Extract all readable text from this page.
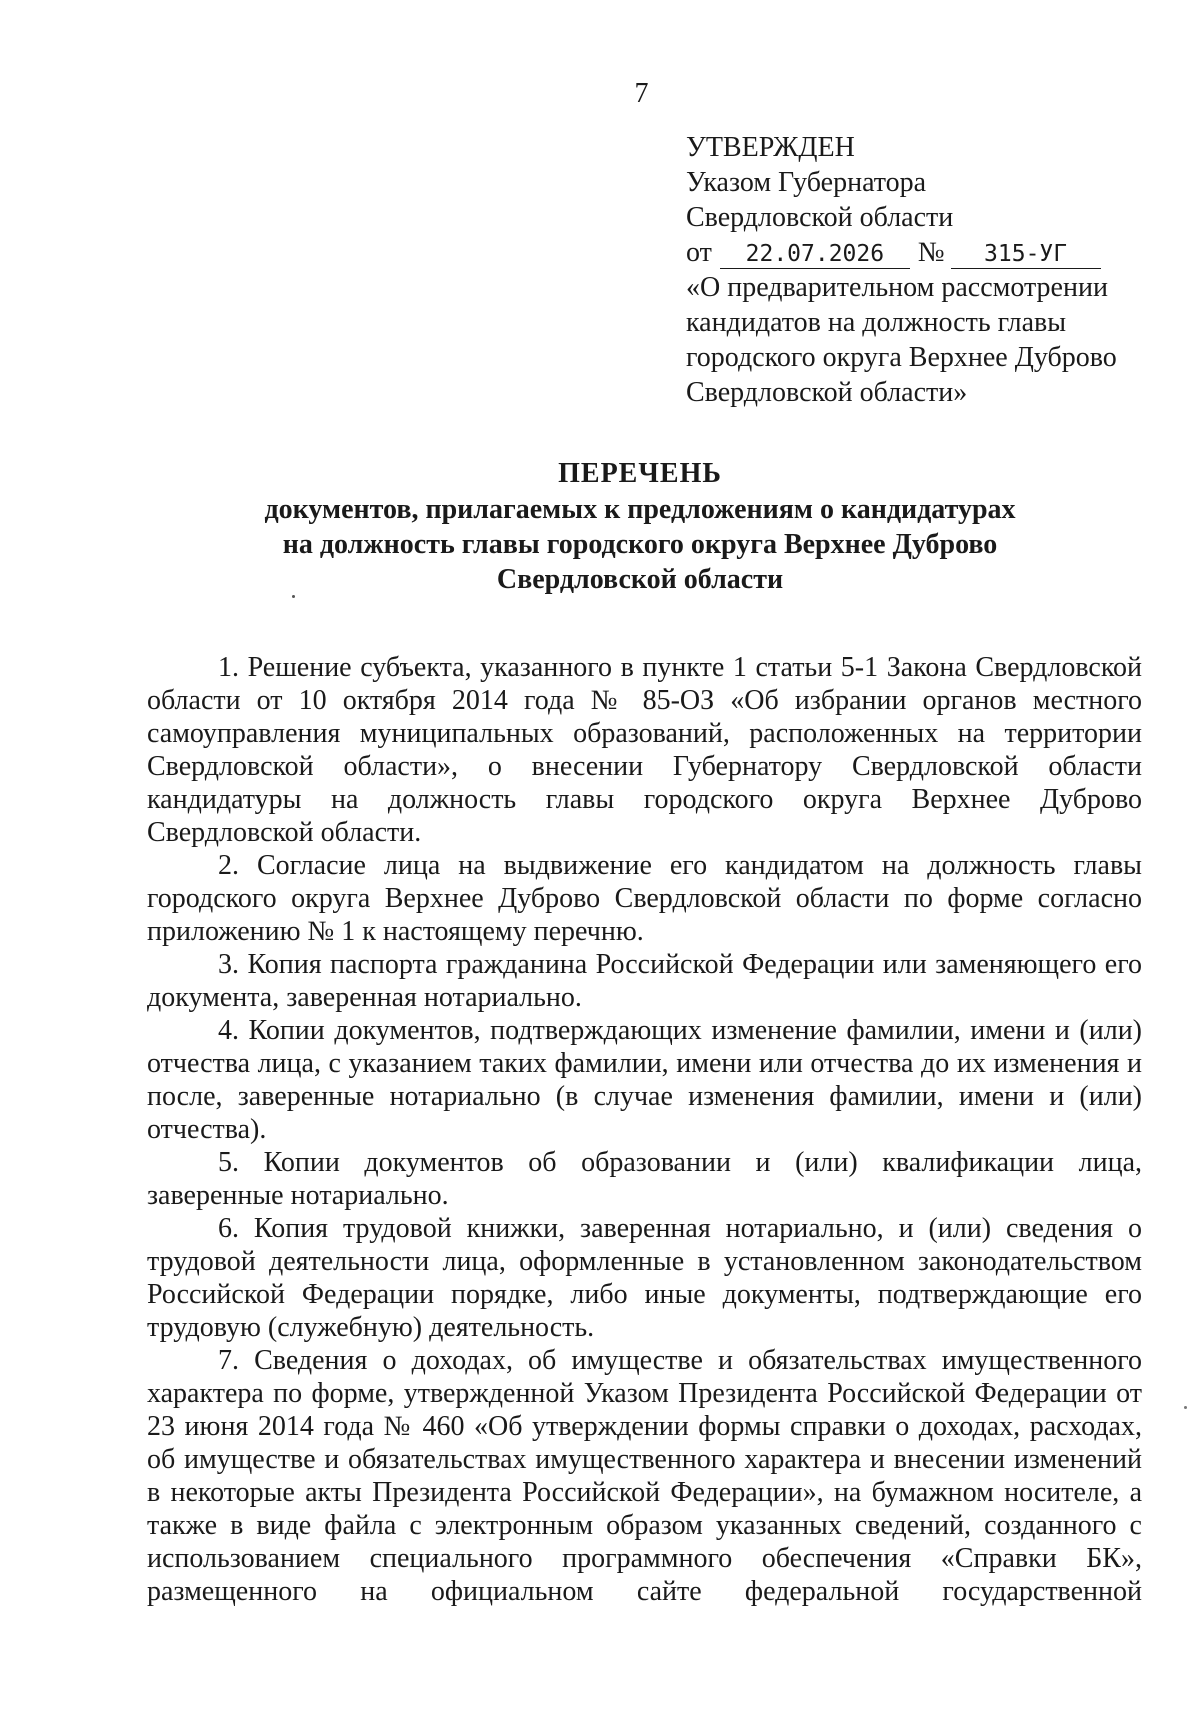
7
УТВЕРЖДЕН
Указом Губернатора
Свердловской области
от 22.07.2026 № 315-УГ
«О предварительном рассмотрении
кандидатов на должность главы
городского округа Верхнее Дуброво
Свердловской области»
ПЕРЕЧЕНЬ
документов, прилагаемых к предложениям о кандидатурах
на должность главы городского округа Верхнее Дуброво
Свердловской области

1. Решение субъекта, указанного в пункте 1 статьи 5-1 Закона Свердловской области от 10 октября 2014 года № 85-ОЗ «Об избрании органов местного самоуправления муниципальных образований, расположенных на территории Свердловской области», о внесении Губернатору Свердловской области кандидатуры на должность главы городского округа Верхнее Дуброво Свердловской области.

2. Согласие лица на выдвижение его кандидатом на должность главы городского округа Верхнее Дуброво Свердловской области по форме согласно приложению № 1 к настоящему перечню.

3. Копия паспорта гражданина Российской Федерации или заменяющего его документа, заверенная нотариально.

4. Копии документов, подтверждающих изменение фамилии, имени и (или) отчества лица, с указанием таких фамилии, имени или отчества до их изменения и после, заверенные нотариально (в случае изменения фамилии, имени и (или) отчества).

5. Копии документов об образовании и (или) квалификации лица, заверенные нотариально.

6. Копия трудовой книжки, заверенная нотариально, и (или) сведения о трудовой деятельности лица, оформленные в установленном законодательством Российской Федерации порядке, либо иные документы, подтверждающие его трудовую (служебную) деятельность.

7. Сведения о доходах, об имуществе и обязательствах имущественного характера по форме, утвержденной Указом Президента Российской Федерации от 23 июня 2014 года № 460 «Об утверждении формы справки о доходах, расходах, об имуществе и обязательствах имущественного характера и внесении изменений в некоторые акты Президента Российской Федерации», на бумажном носителе, а также в виде файла с электронным образом указанных сведений, созданного с использованием специального программного обеспечения «Справки БК», размещенного на официальном сайте федеральной государственной
